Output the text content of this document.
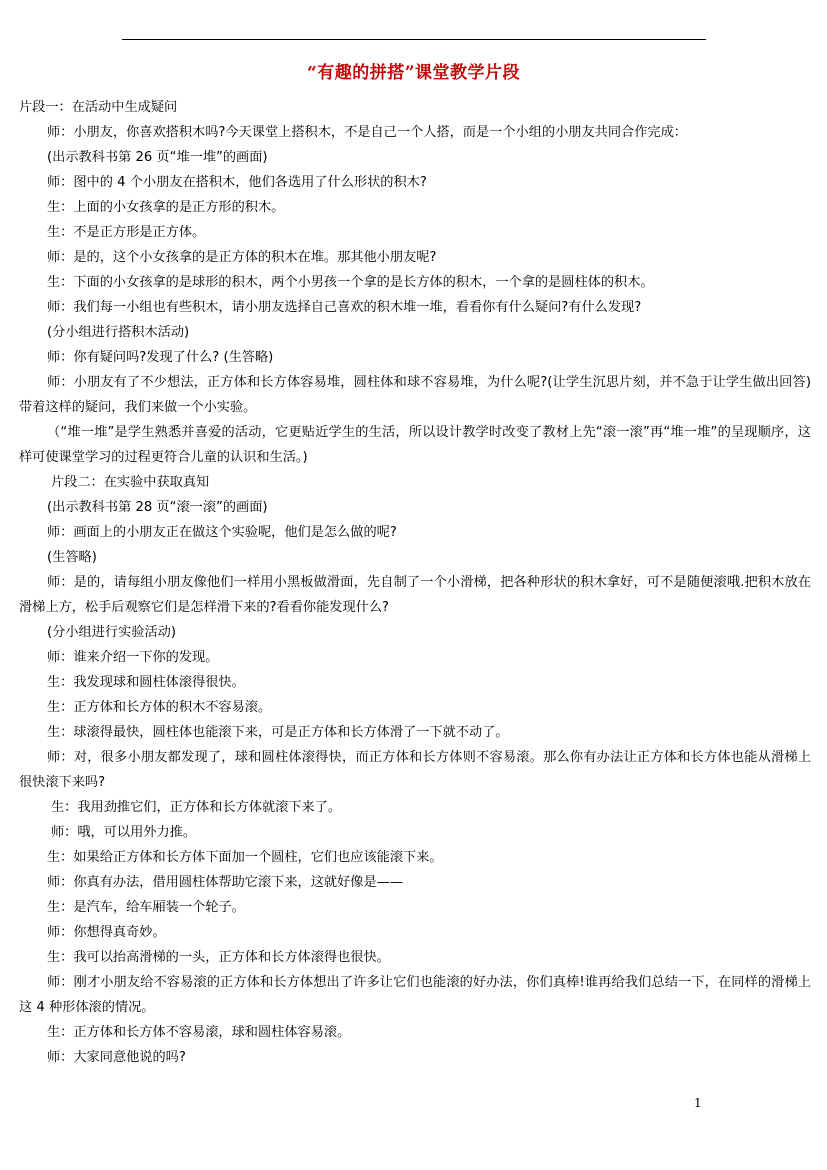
“有趣的拼搭”课堂教学片段

片段一：在活动中生成疑问

师：小朋友，你喜欢搭积木吗?今天课堂上搭积木，不是自己一个人搭，而是一个小组的小朋友共同合作完成：

(出示教科书第 26 页“堆一堆”的画面)

师：图中的 4 个小朋友在搭积木，他们各选用了什么形状的积木?

生：上面的小女孩拿的是正方形的积木。

生：不是正方形是正方体。

师：是的，这个小女孩拿的是正方体的积木在堆。那其他小朋友呢?

生：下面的小女孩拿的是球形的积木，两个小男孩一个拿的是长方体的积木，一个拿的是圆柱体的积木。

师：我们每一小组也有些积木，请小朋友选择自己喜欢的积木堆一堆，看看你有什么疑问?有什么发现?

(分小组进行搭积木活动)

师：你有疑问吗?发现了什么? (生答略)

师：小朋友有了不少想法，正方体和长方体容易堆，圆柱体和球不容易堆，为什么呢?(让学生沉思片刻，并不急于让学生做出回答)带着这样的疑问，我们来做一个小实验。

（“堆一堆”是学生熟悉并喜爱的活动，它更贴近学生的生活，所以设计教学时改变了教材上先“滚一滚”再“堆一堆”的呈现顺序，这样可使课堂学习的过程更符合儿童的认识和生活。)

片段二：在实验中获取真知

(出示教科书第 28 页“滚一滚”的画面)

师：画面上的小朋友正在做这个实验呢，他们是怎么做的呢?

(生答略)

师：是的，请每组小朋友像他们一样用小黑板做滑面，先自制了一个小滑梯，把各种形状的积木拿好，可不是随便滚哦.把积木放在滑梯上方，松手后观察它们是怎样滑下来的?看看你能发现什么?

(分小组进行实验活动)

师：谁来介绍一下你的发现。

生：我发现球和圆柱体滚得很快。

生：正方体和长方体的积木不容易滚。

生：球滚得最快，圆柱体也能滚下来，可是正方体和长方体滑了一下就不动了。

师：对，很多小朋友都发现了，球和圆柱体滚得快，而正方体和长方体则不容易滚。那么你有办法让正方体和长方体也能从滑梯上很快滚下来吗?

生：我用劲推它们，正方体和长方体就滚下来了。

师：哦，可以用外力推。

生：如果给正方体和长方体下面加一个圆柱，它们也应该能滚下来。

师：你真有办法，借用圆柱体帮助它滚下来，这就好像是——

生：是汽车，给车厢装一个轮子。

师：你想得真奇妙。

生：我可以抬高滑梯的一头，正方体和长方体滚得也很快。

师：刚才小朋友给不容易滚的正方体和长方体想出了许多让它们也能滚的好办法，你们真棒!谁再给我们总结一下，在同样的滑梯上这 4 种形体滚的情况。

生：正方体和长方体不容易滚，球和圆柱体容易滚。

师：大家同意他说的吗?

1
